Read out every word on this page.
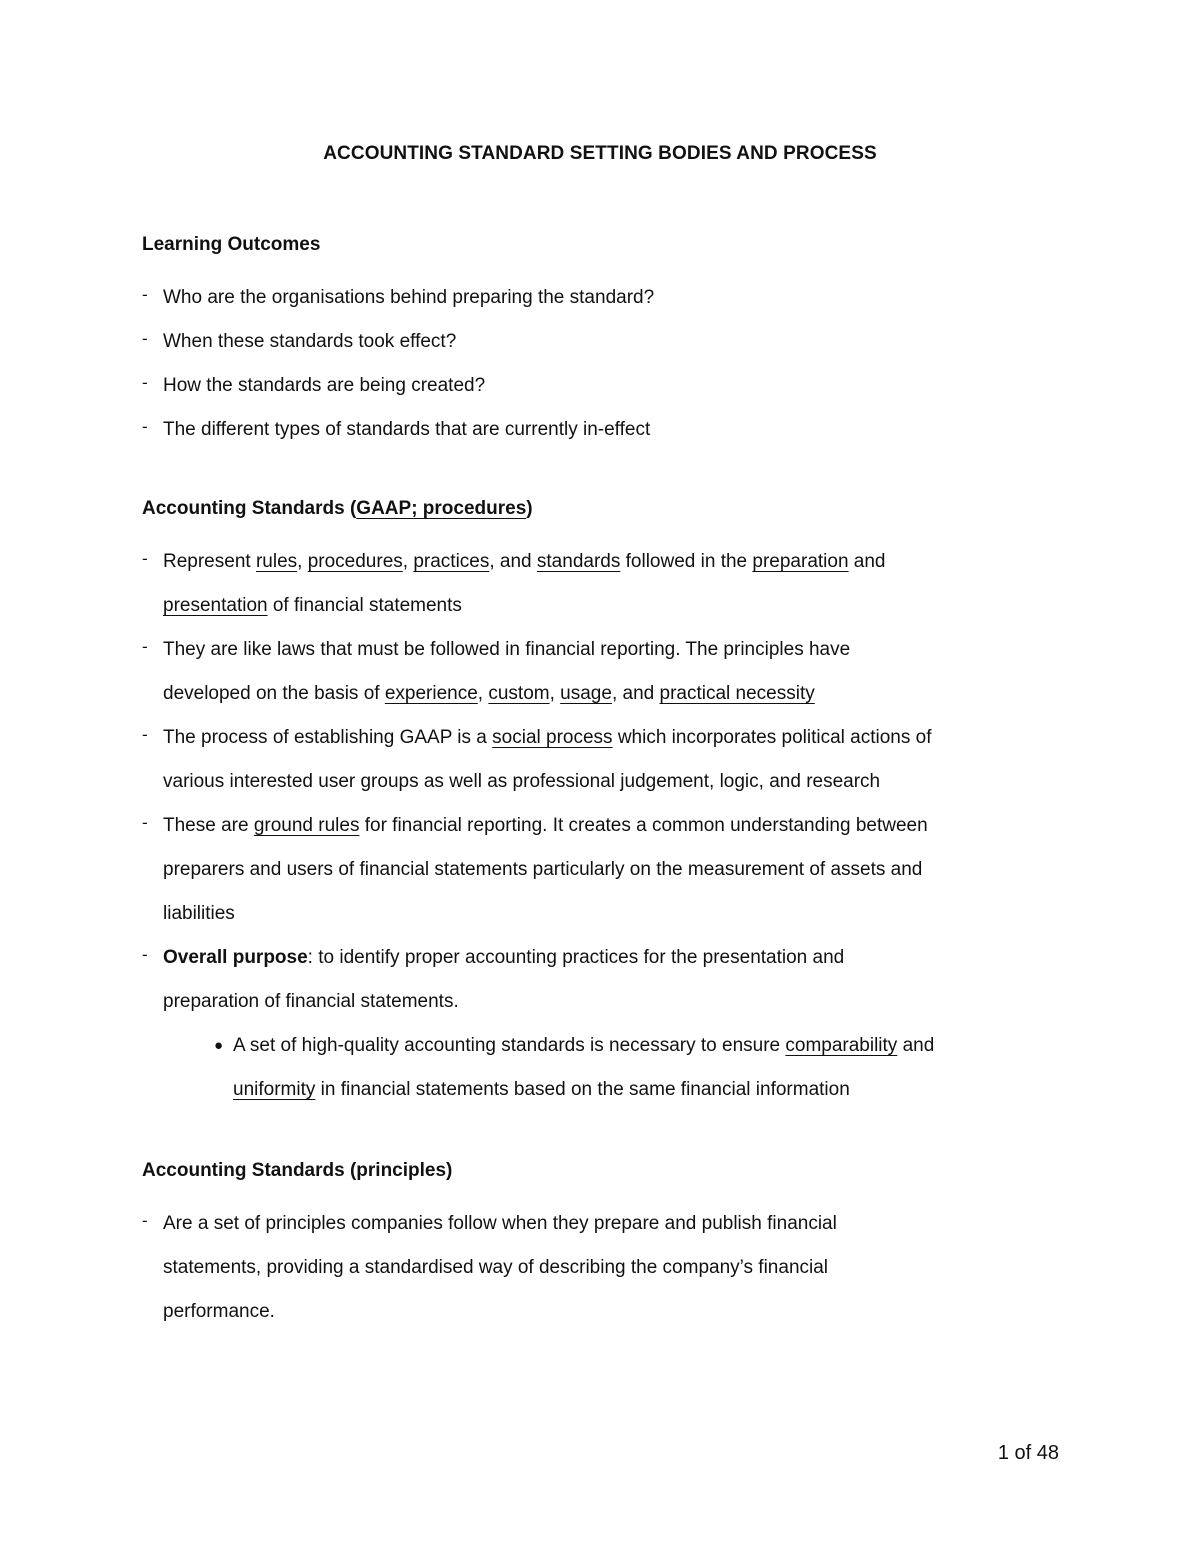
ACCOUNTING STANDARD SETTING BODIES AND PROCESS
Learning Outcomes
- Who are the organisations behind preparing the standard?
- When these standards took effect?
- How the standards are being created?
- The different types of standards that are currently in-effect
Accounting Standards (GAAP; procedures)
- Represent rules, procedures, practices, and standards followed in the preparation and
presentation of financial statements
- They are like laws that must be followed in financial reporting. The principles have
developed on the basis of experience, custom, usage, and practical necessity
- The process of establishing GAAP is a social process which incorporates political actions of
various interested user groups as well as professional judgement, logic, and research
- These are ground rules for financial reporting. It creates a common understanding between
preparers and users of financial statements particularly on the measurement of assets and
liabilities
- Overall purpose: to identify proper accounting practices for the presentation and
preparation of financial statements.
● A set of high-quality accounting standards is necessary to ensure comparability and
uniformity in financial statements based on the same financial information
Accounting Standards (principles)
- Are a set of principles companies follow when they prepare and publish financial
statements, providing a standardised way of describing the company’s financial
performance.
1 of 48
